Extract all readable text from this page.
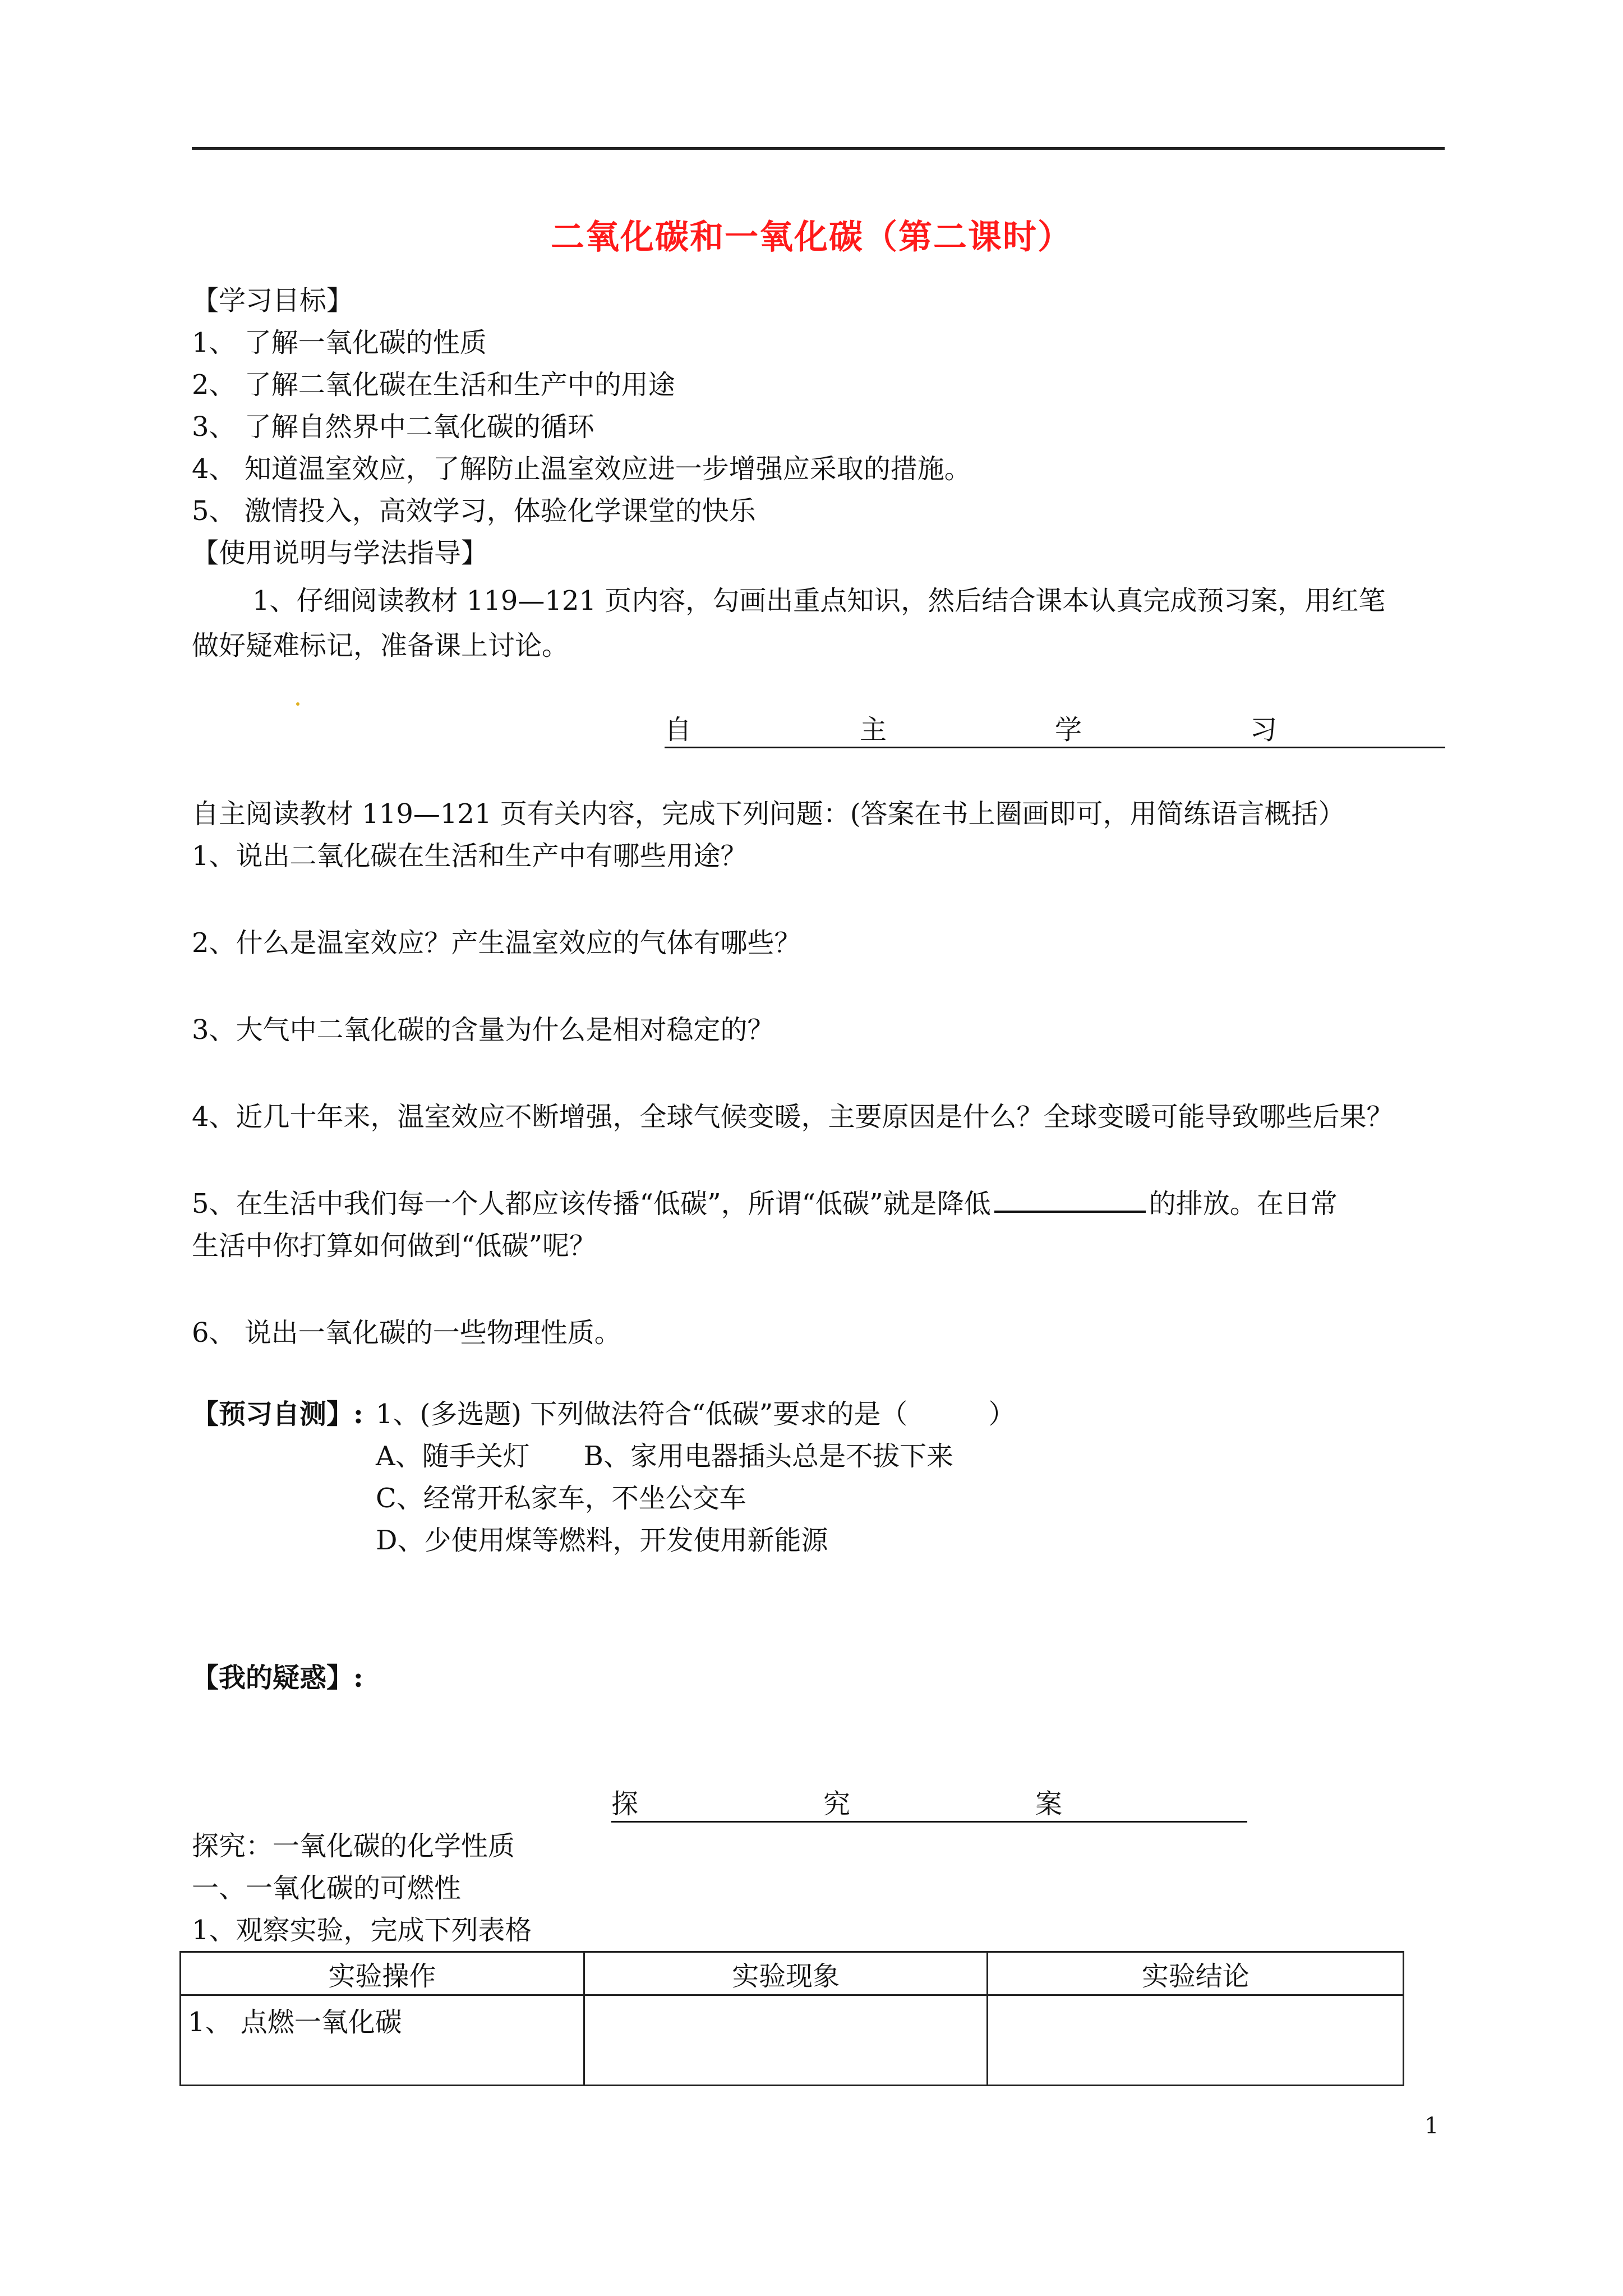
二氧化碳和一氧化碳（第二课时）
【学习目标】
1、 了解一氧化碳的性质
2、 了解二氧化碳在生活和生产中的用途
3、 了解自然界中二氧化碳的循环
4、 知道温室效应，了解防止温室效应进一步增强应采取的措施。
5、 激情投入，高效学习，体验化学课堂的快乐
【使用说明与学法指导】
1、仔细阅读教材 119—121 页内容，勾画出重点知识，然后结合课本认真完成预习案，用红笔
做好疑难标记，准备课上讨论。
自主学习
自主阅读教材 119—121 页有关内容，完成下列问题：(答案在书上圈画即可，用简练语言概括）
1、说出二氧化碳在生活和生产中有哪些用途？
2、什么是温室效应？产生温室效应的气体有哪些？
3、大气中二氧化碳的含量为什么是相对稳定的？
4、近几十年来，温室效应不断增强，全球气候变暖，主要原因是什么？全球变暖可能导致哪些后果？
5、在生活中我们每一个人都应该传播“低碳”，所谓“低碳”就是降低	的排放。在日常
生活中你打算如何做到“低碳”呢？
6、 说出一氧化碳的一些物理性质。
【预习自测】: 1、(多选题) 下列做法符合“低碳”要求的是（　　　）
A、随手关灯　　B、家用电器插头总是不拔下来
C、经常开私家车，不坐公交车
D、少使用煤等燃料，开发使用新能源
【我的疑惑】:
探究案
探究：一氧化碳的化学性质
一、一氧化碳的可燃性
1、观察实验，完成下列表格
实验操作	实验现象	实验结论
1、 点燃一氧化碳		
1
